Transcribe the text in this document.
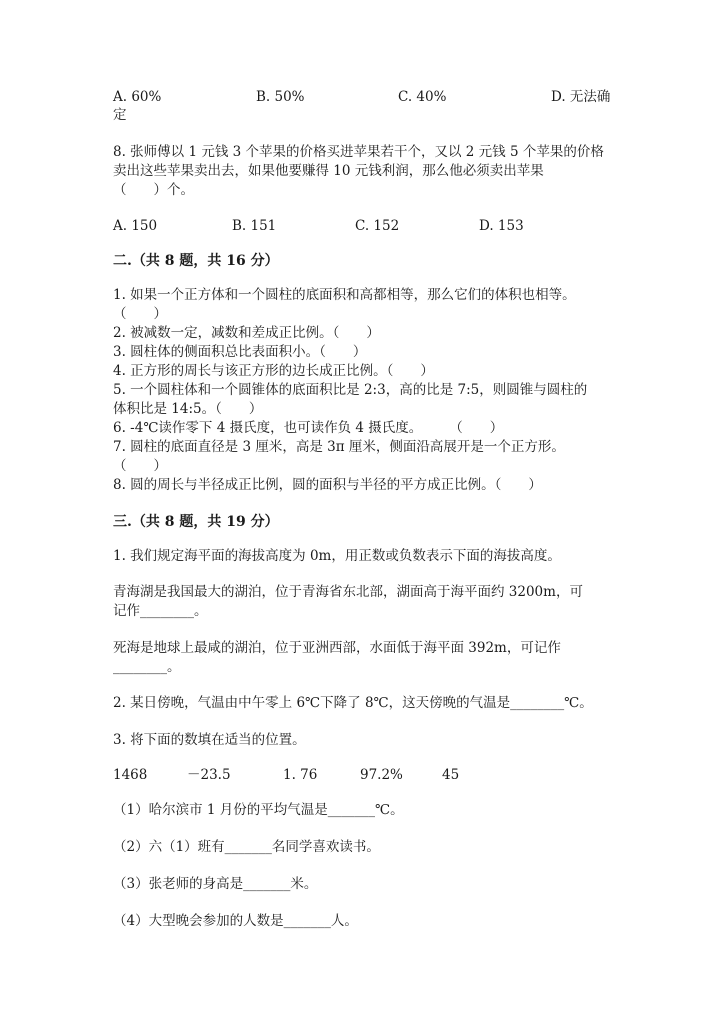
A. 60%	B. 50%	C. 40%	D. 无法确
定
8. 张师傅以 1 元钱 3 个苹果的价格买进苹果若干个，又以 2 元钱 5 个苹果的价格
卖出这些苹果卖出去，如果他要赚得 10 元钱利润，那么他必须卖出苹果
（　　）个。
A. 150	B. 151	C. 152	D. 153
二.（共 8 题，共 16 分）
1. 如果一个正方体和一个圆柱的底面积和高都相等，那么它们的体积也相等。
（　　）
2. 被减数一定，减数和差成正比例。（　　）
3. 圆柱体的侧面积总比表面积小。（　　）
4. 正方形的周长与该正方形的边长成正比例。（　　）
5. 一个圆柱体和一个圆锥体的底面积比是 2:3，高的比是 7:5，则圆锥与圆柱的
体积比是 14:5。（　　）
6. -4℃读作零下 4 摄氏度，也可读作负 4 摄氏度。　　　（　　）
7. 圆柱的底面直径是 3 厘米，高是 3π 厘米，侧面沿高展开是一个正方形。
（　　）
8. 圆的周长与半径成正比例，圆的面积与半径的平方成正比例。（　　）
三.（共 8 题，共 19 分）
1. 我们规定海平面的海拔高度为 0m，用正数或负数表示下面的海拔高度。
青海湖是我国最大的湖泊，位于青海省东北部，湖面高于海平面约 3200m，可
记作________。
死海是地球上最咸的湖泊，位于亚洲西部，水面低于海平面 392m，可记作
________。
2. 某日傍晚，气温由中午零上 6℃下降了 8℃，这天傍晚的气温是________℃。
3. 将下面的数填在适当的位置。
1468	－23.5	1. 76	97.2%	45
（1）哈尔滨市 1 月份的平均气温是_______℃。
（2）六（1）班有_______名同学喜欢读书。
（3）张老师的身高是_______米。
（4）大型晚会参加的人数是_______人。
